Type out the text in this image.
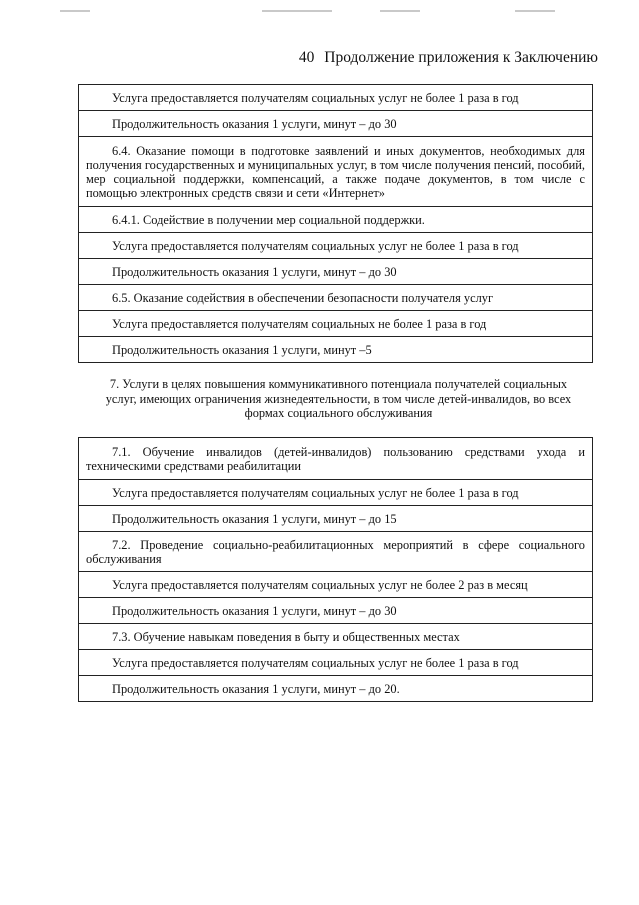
40 Продолжение приложения к Заключению
Услуга предоставляется получателям социальных услуг не более 1 раза в год
Продолжительность оказания 1 услуги, минут – до 30
6.4. Оказание помощи в подготовке заявлений и иных документов, необходимых для получения государственных и муниципальных услуг, в том числе получения пенсий, пособий, мер социальной поддержки, компенсаций, а также подаче документов, в том числе с помощью электронных средств связи и сети «Интернет»
6.4.1. Содействие в получении мер социальной поддержки.
Услуга предоставляется получателям социальных услуг не более 1 раза в год
Продолжительность оказания 1 услуги, минут – до 30
6.5. Оказание содействия в обеспечении безопасности получателя услуг
Услуга предоставляется получателям социальных не более 1 раза в год
Продолжительность оказания 1 услуги, минут –5
7. Услуги в целях повышения коммуникативного потенциала получателей социальных
услуг, имеющих ограничения жизнедеятельности, в том числе детей-инвалидов, во всех
формах социального обслуживания
7.1. Обучение инвалидов (детей-инвалидов) пользованию средствами ухода и техническими средствами реабилитации
Услуга предоставляется получателям социальных услуг не более 1 раза в год
Продолжительность оказания 1 услуги, минут – до 15
7.2. Проведение социально-реабилитационных мероприятий в сфере социального обслуживания
Услуга предоставляется получателям социальных услуг не более 2 раз в месяц
Продолжительность оказания 1 услуги, минут – до 30
7.3. Обучение навыкам поведения в быту и общественных местах
Услуга предоставляется получателям социальных услуг не более 1 раза в год
Продолжительность оказания 1 услуги, минут – до 20.
